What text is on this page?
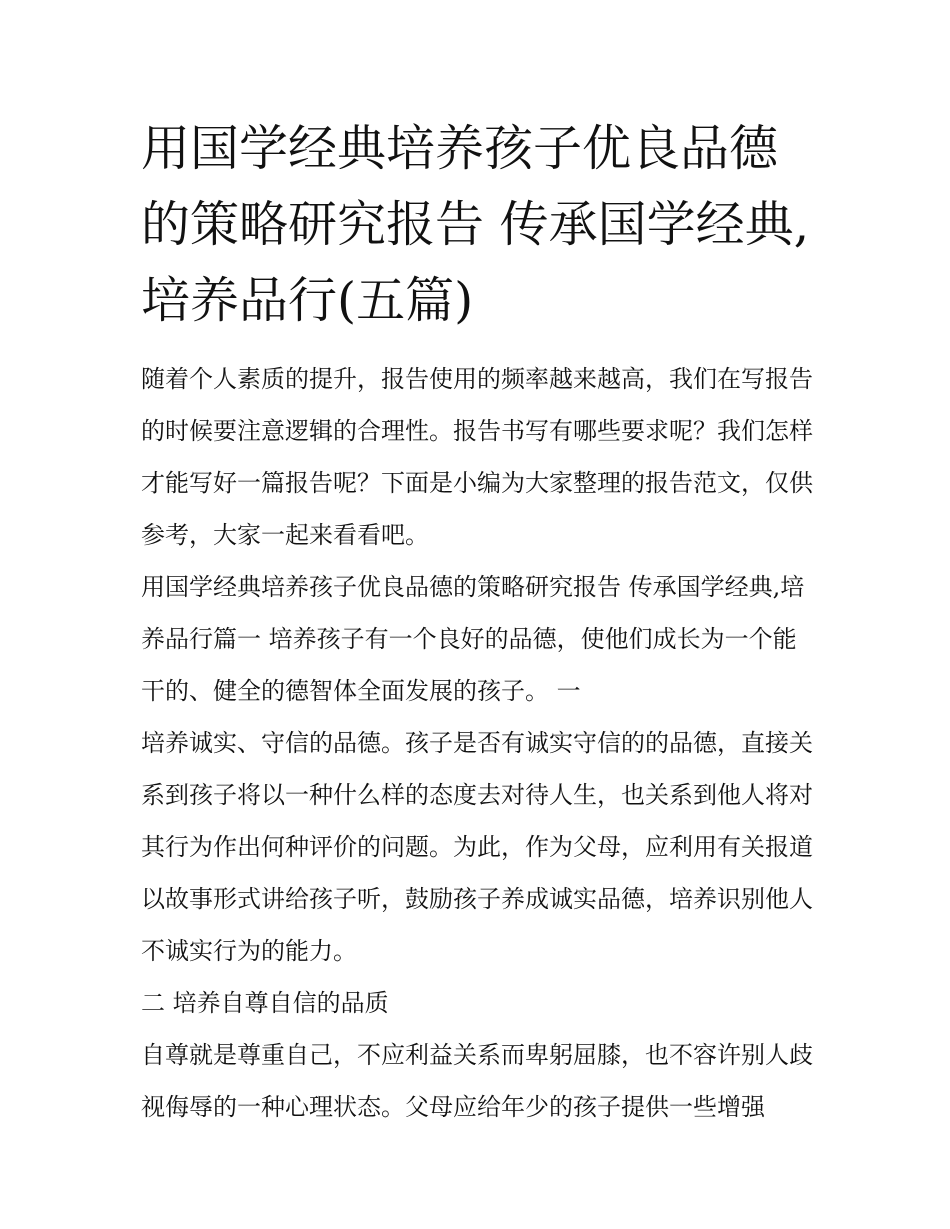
用国学经典培养孩子优良品德的策略研究报告 传承国学经典,培养品行(五篇)

随着个人素质的提升，报告使用的频率越来越高，我们在写报告的时候要注意逻辑的合理性。报告书写有哪些要求呢？我们怎样才能写好一篇报告呢？下面是小编为大家整理的报告范文，仅供参考，大家一起来看看吧。

用国学经典培养孩子优良品德的策略研究报告 传承国学经典,培养品行篇一 培养孩子有一个良好的品德，使他们成长为一个能干的、健全的德智体全面发展的孩子。 一

培养诚实、守信的品德。孩子是否有诚实守信的的品德，直接关系到孩子将以一种什么样的态度去对待人生，也关系到他人将对其行为作出何种评价的问题。为此，作为父母，应利用有关报道以故事形式讲给孩子听，鼓励孩子养成诚实品德，培养识别他人不诚实行为的能力。

二 培养自尊自信的品质

自尊就是尊重自己，不应利益关系而卑躬屈膝，也不容许别人歧视侮辱的一种心理状态。父母应给年少的孩子提供一些增强
